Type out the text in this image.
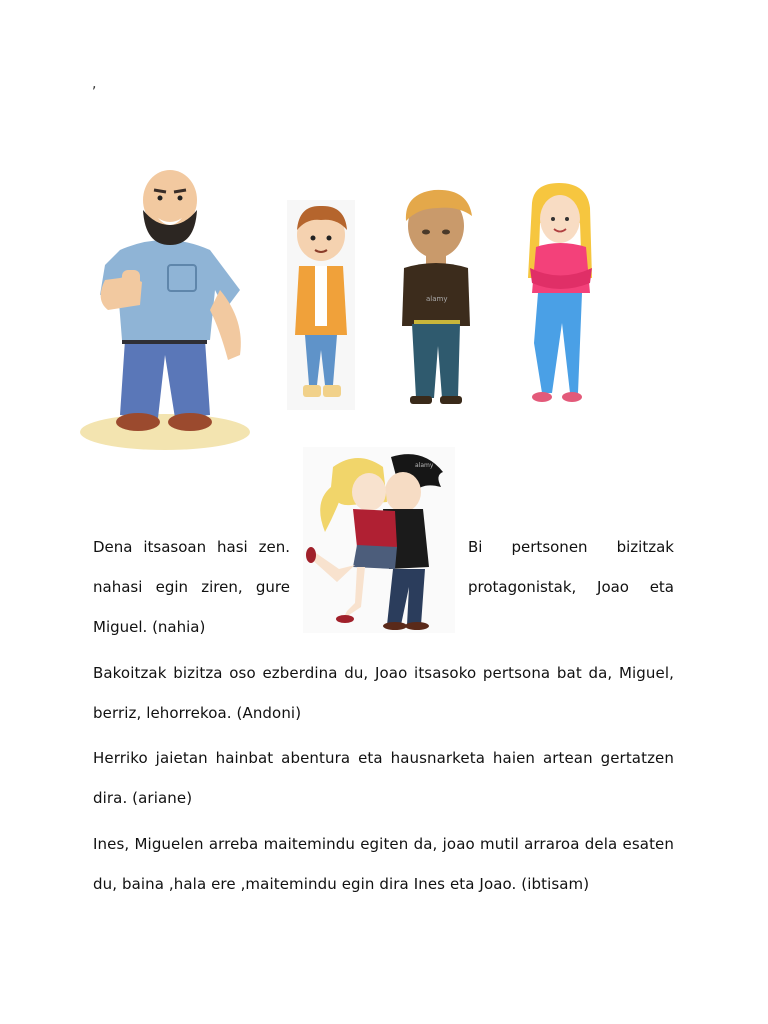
,
alamy
alamy
Dena itsasoan hasi zen.
nahasi egin ziren, gure
Bi pertsonen bizitzak
protagonistak, Joao eta
Miguel. (nahia)
Bakoitzak bizitza oso ezberdina du, Joao itsasoko pertsona bat da, Miguel, berriz, lehorrekoa. (Andoni)
Herriko jaietan hainbat abentura eta hausnarketa haien artean gertatzen dira. (ariane)
Ines, Miguelen arreba maitemindu egiten da, joao mutil arraroa dela esaten du, baina ,hala ere ,maitemindu egin dira Ines eta Joao. (ibtisam)
